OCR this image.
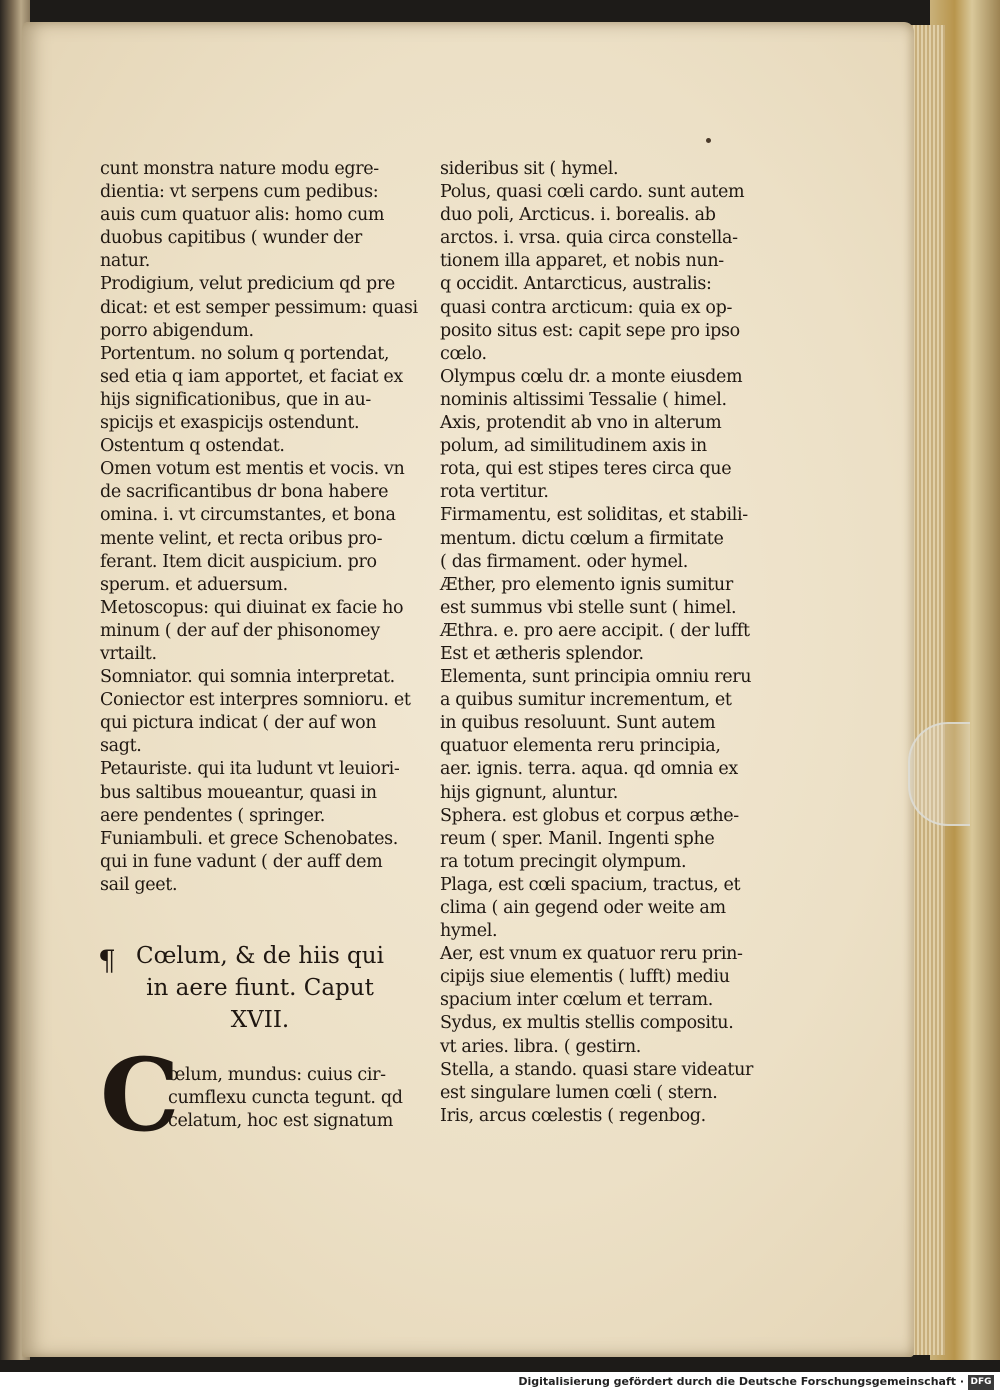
cunt monstra nature modu egre-
dientia: vt serpens cum pedibus:
auis cum quatuor alis: homo cum
duobus capitibus ( wunder der
natur.
Prodigium, velut predicium qd pre
dicat: et est semper pessimum: quasi
porro abigendum.
Portentum. no solum q portendat,
sed etia q iam apportet, et faciat ex
hijs significationibus, que in au-
spicijs et exaspicijs ostendunt.
Ostentum q ostendat.
Omen votum est mentis et vocis. vn
de sacrificantibus dr bona habere
omina. i. vt circumstantes, et bona
mente velint, et recta oribus pro-
ferant. Item dicit auspicium. pro
sperum. et aduersum.
Metoscopus: qui diuinat ex facie ho
minum ( der auf der phisonomey
vrtailt.
Somniator. qui somnia interpretat.
Coniector est interpres somnioru. et
qui pictura indicat ( der auf won
sagt.
Petauriste. qui ita ludunt vt leuiori-
bus saltibus moueantur, quasi in
aere pendentes ( springer.
Funiambuli. et grece Schenobates.
qui in fune vadunt ( der auff dem
sail geet.
¶ Cœlum, & de hiis qui
in aere fiunt. Caput
XVII.
C
œlum, mundus: cuius cir-
cumflexu cuncta tegunt. qd
celatum, hoc est signatum
sideribus sit ( hymel.
Polus, quasi cœli cardo. sunt autem
duo poli, Arcticus. i. borealis. ab
arctos. i. vrsa. quia circa constella-
tionem illa apparet, et nobis nun-
q occidit. Antarcticus, australis:
quasi contra arcticum: quia ex op-
posito situs est: capit sepe pro ipso
cœlo.
Olympus cœlu dr. a monte eiusdem
nominis altissimi Tessalie ( himel.
Axis, protendit ab vno in alterum
polum, ad similitudinem axis in
rota, qui est stipes teres circa que
rota vertitur.
Firmamentu, est soliditas, et stabili-
mentum. dictu cœlum a firmitate
( das firmament. oder hymel.
Æther, pro elemento ignis sumitur
est summus vbi stelle sunt ( himel.
Æthra. e. pro aere accipit. ( der lufft
Est et ætheris splendor.
Elementa, sunt principia omniu reru
a quibus sumitur incrementum, et
in quibus resoluunt. Sunt autem
quatuor elementa reru principia,
aer. ignis. terra. aqua. qd omnia ex
hijs gignunt, aluntur.
Sphera. est globus et corpus æthe-
reum ( sper. Manil. Ingenti sphe
ra totum precingit olympum.
Plaga, est cœli spacium, tractus, et
clima ( ain gegend oder weite am
hymel.
Aer, est vnum ex quatuor reru prin-
cipijs siue elementis ( lufft) mediu
spacium inter cœlum et terram.
Sydus, ex multis stellis compositu.
vt aries. libra. ( gestirn.
Stella, a stando. quasi stare videatur
est singulare lumen cœli ( stern.
Iris, arcus cœlestis ( regenbog.
Digitalisierung gefördert durch die Deutsche Forschungsgemeinschaft · DFG
